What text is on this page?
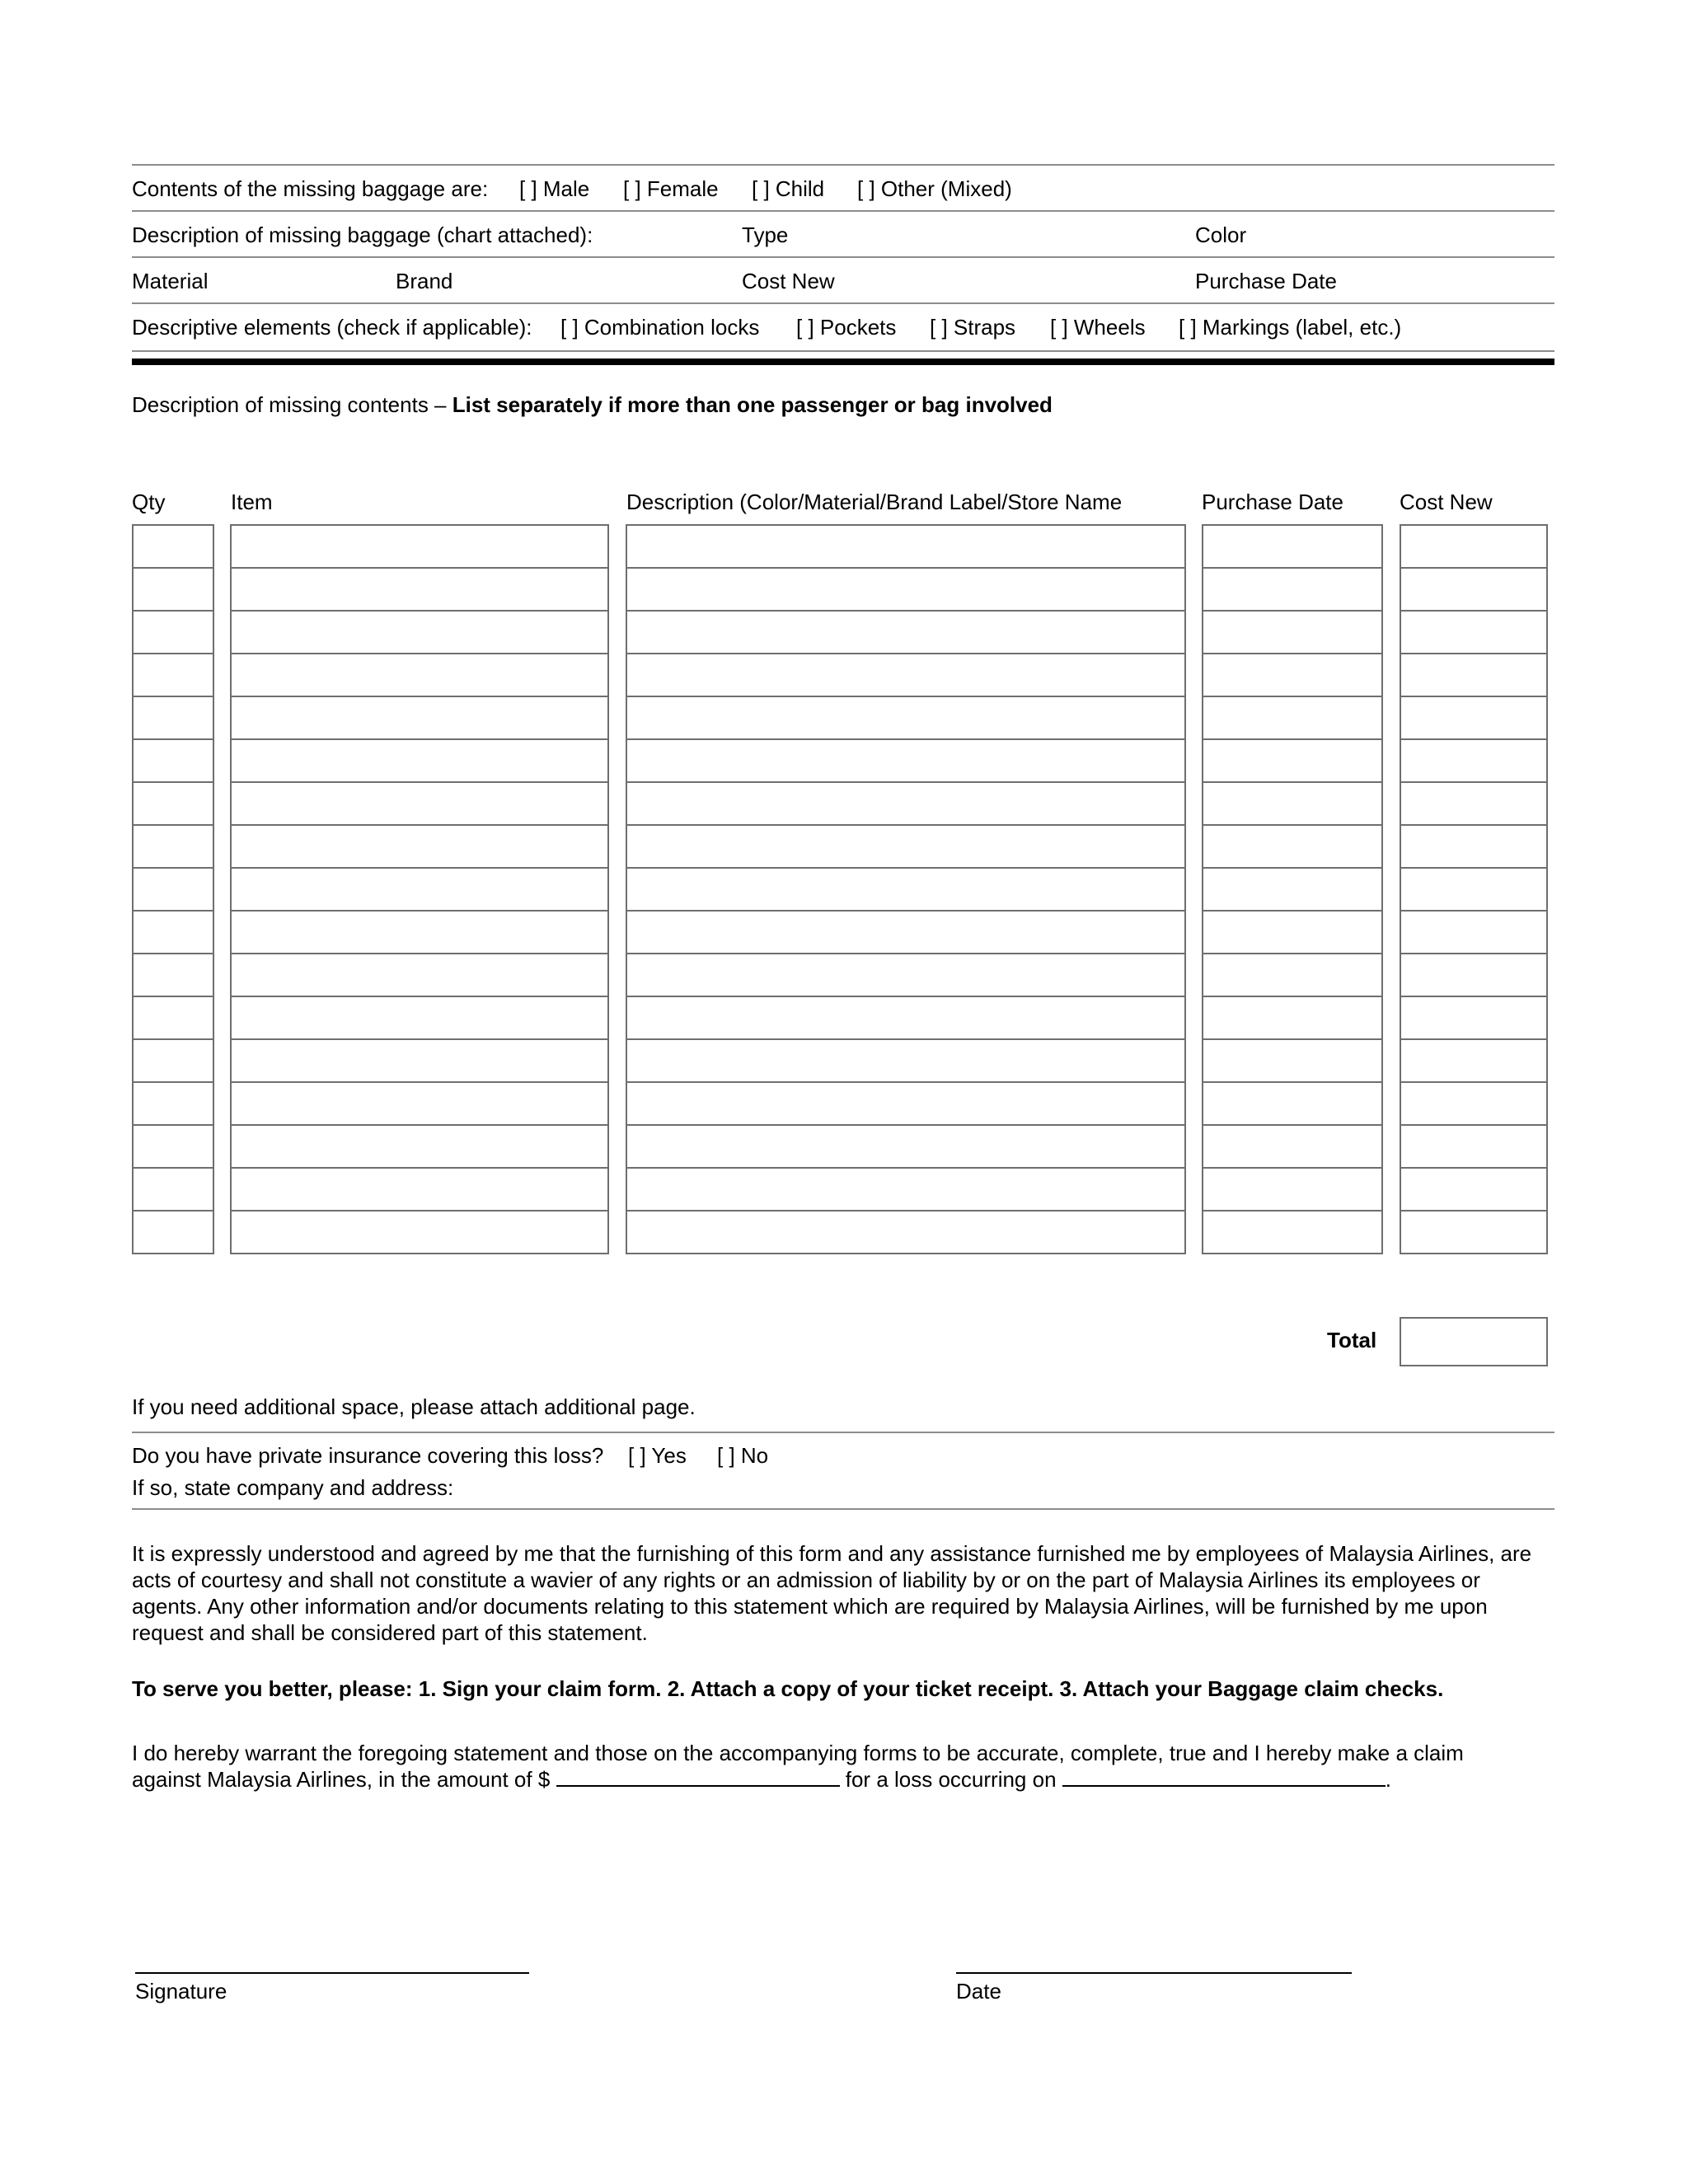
Contents of the missing baggage are: [ ] Male [ ] Female [ ] Child [ ] Other (Mixed)
Description of missing baggage (chart attached):	Type	Color
Material	Brand	Cost New	Purchase Date
Descriptive elements (check if applicable): [ ] Combination locks [ ] Pockets [ ] Straps [ ] Wheels [ ] Markings (label, etc.)
Description of missing contents – List separately if more than one passenger or bag involved
Qty	Item	Description (Color/Material/Brand Label/Store Name	Purchase Date	Cost New
Total
If you need additional space, please attach additional page.
Do you have private insurance covering this loss? [ ] Yes [ ] No
If so, state company and address:
It is expressly understood and agreed by me that the furnishing of this form and any assistance furnished me by employees of Malaysia Airlines, are acts of courtesy and shall not constitute a wavier of any rights or an admission of liability by or on the part of Malaysia Airlines its employees or agents. Any other information and/or documents relating to this statement which are required by Malaysia Airlines, will be furnished by me upon request and shall be considered part of this statement.
To serve you better, please: 1. Sign your claim form. 2. Attach a copy of your ticket receipt. 3. Attach your Baggage claim checks.
I do hereby warrant the foregoing statement and those on the accompanying forms to be accurate, complete, true and I hereby make a claim
against Malaysia Airlines, in the amount of $	for a loss occurring on	.
Signature	Date
